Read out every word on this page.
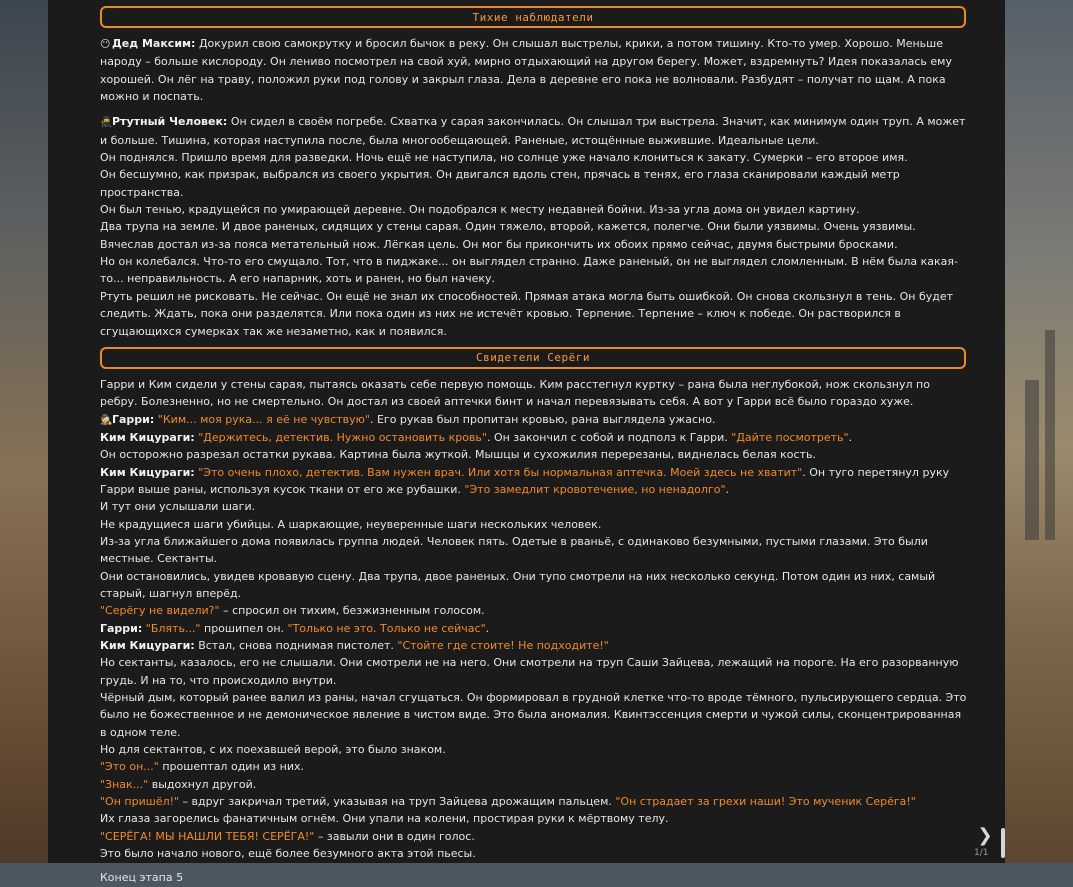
Тихие наблюдатели

😶 Дед Максим: Докурил свою самокрутку и бросил бычок в реку. Он слышал выстрелы, крики, а потом тишину. Кто-то умер. Хорошо. Меньше народу – больше кислороду. Он лениво посмотрел на свой хуй, мирно отдыхающий на другом берегу. Может, вздремнуть? Идея показалась ему хорошей. Он лёг на траву, положил руки под голову и закрыл глаза. Дела в деревне его пока не волновали. Разбудят – получат по щам. А пока можно и поспать.

🥷Ртутный Человек: Он сидел в своём погребе. Схватка у сарая закончилась. Он слышал три выстрела. Значит, как минимум один труп. А может и больше. Тишина, которая наступила после, была многообещающей. Раненые, истощённые выжившие. Идеальные цели.

Он поднялся. Пришло время для разведки. Ночь ещё не наступила, но солнце уже начало клониться к закату. Сумерки – его второе имя.

Он бесшумно, как призрак, выбрался из своего укрытия. Он двигался вдоль стен, прячась в тенях, его глаза сканировали каждый метр пространства.

Он был тенью, крадущейся по умирающей деревне. Он подобрался к месту недавней бойни. Из-за угла дома он увидел картину.

Два трупа на земле. И двое раненых, сидящих у стены сарая. Один тяжело, второй, кажется, полегче. Они были уязвимы. Очень уязвимы.

Вячеслав достал из-за пояса метательный нож. Лёгкая цель. Он мог бы прикончить их обоих прямо сейчас, двумя быстрыми бросками.

Но он колебался. Что-то его смущало. Тот, что в пиджаке... он выглядел странно. Даже раненый, он не выглядел сломленным. В нём была какая-то... неправильность. А его напарник, хоть и ранен, но был начеку.

Ртуть решил не рисковать. Не сейчас. Он ещё не знал их способностей. Прямая атака могла быть ошибкой. Он снова скользнул в тень. Он будет следить. Ждать, пока они разделятся. Или пока один из них не истечёт кровью. Терпение. Терпение – ключ к победе. Он растворился в сгущающихся сумерках так же незаметно, как и появился.

Свидетели Серёги

Гарри и Ким сидели у стены сарая, пытаясь оказать себе первую помощь. Ким расстегнул куртку – рана была неглубокой, нож скользнул по ребру. Болезненно, но не смертельно. Он достал из своей аптечки бинт и начал перевязывать себя. А вот у Гарри всё было гораздо хуже.

🕵Гарри: "Ким... моя рука... я её не чувствую". Его рукав был пропитан кровью, рана выглядела ужасно.

Ким Кицураги: "Держитесь, детектив. Нужно остановить кровь". Он закончил с собой и подполз к Гарри. "Дайте посмотреть".

Он осторожно разрезал остатки рукава. Картина была жуткой. Мышцы и сухожилия перерезаны, виднелась белая кость.

Ким Кицураги: "Это очень плохо, детектив. Вам нужен врач. Или хотя бы нормальная аптечка. Моей здесь не хватит". Он туго перетянул руку Гарри выше раны, используя кусок ткани от его же рубашки. "Это замедлит кровотечение, но ненадолго".

И тут они услышали шаги.

Не крадущиеся шаги убийцы. А шаркающие, неуверенные шаги нескольких человек.

Из-за угла ближайшего дома появилась группа людей. Человек пять. Одетые в рваньё, с одинаково безумными, пустыми глазами. Это были местные. Сектанты.

Они остановились, увидев кровавую сцену. Два трупа, двое раненых. Они тупо смотрели на них несколько секунд. Потом один из них, самый старый, шагнул вперёд.

"Серёгу не видели?" – спросил он тихим, безжизненным голосом.

Гарри: "Блять..." прошипел он. "Только не это. Только не сейчас".

Ким Кицураги: Встал, снова поднимая пистолет. "Стойте где стоите! Не подходите!"

Но сектанты, казалось, его не слышали. Они смотрели не на него. Они смотрели на труп Саши Зайцева, лежащий на пороге. На его разорванную грудь. И на то, что происходило внутри.

Чёрный дым, который ранее валил из раны, начал сгущаться. Он формировал в грудной клетке что-то вроде тёмного, пульсирующего сердца. Это было не божественное и не демоническое явление в чистом виде. Это была аномалия. Квинтэссенция смерти и чужой силы, сконцентрированная в одном теле.

Но для сектантов, с их поехавшей верой, это было знаком.

"Это он..." прошептал один из них.

"Знак..." выдохнул другой.

"Он пришёл!" – вдруг закричал третий, указывая на труп Зайцева дрожащим пальцем. "Он страдает за грехи наши! Это мученик Серёга!"

Их глаза загорелись фанатичным огнём. Они упали на колени, простирая руки к мёртвому телу.

"СЕРЁГА! МЫ НАШЛИ ТЕБЯ! СЕРЁГА!" – завыли они в один голос.

Это было начало нового, ещё более безумного акта этой пьесы.

Конец этапа 5

❯
1/1
